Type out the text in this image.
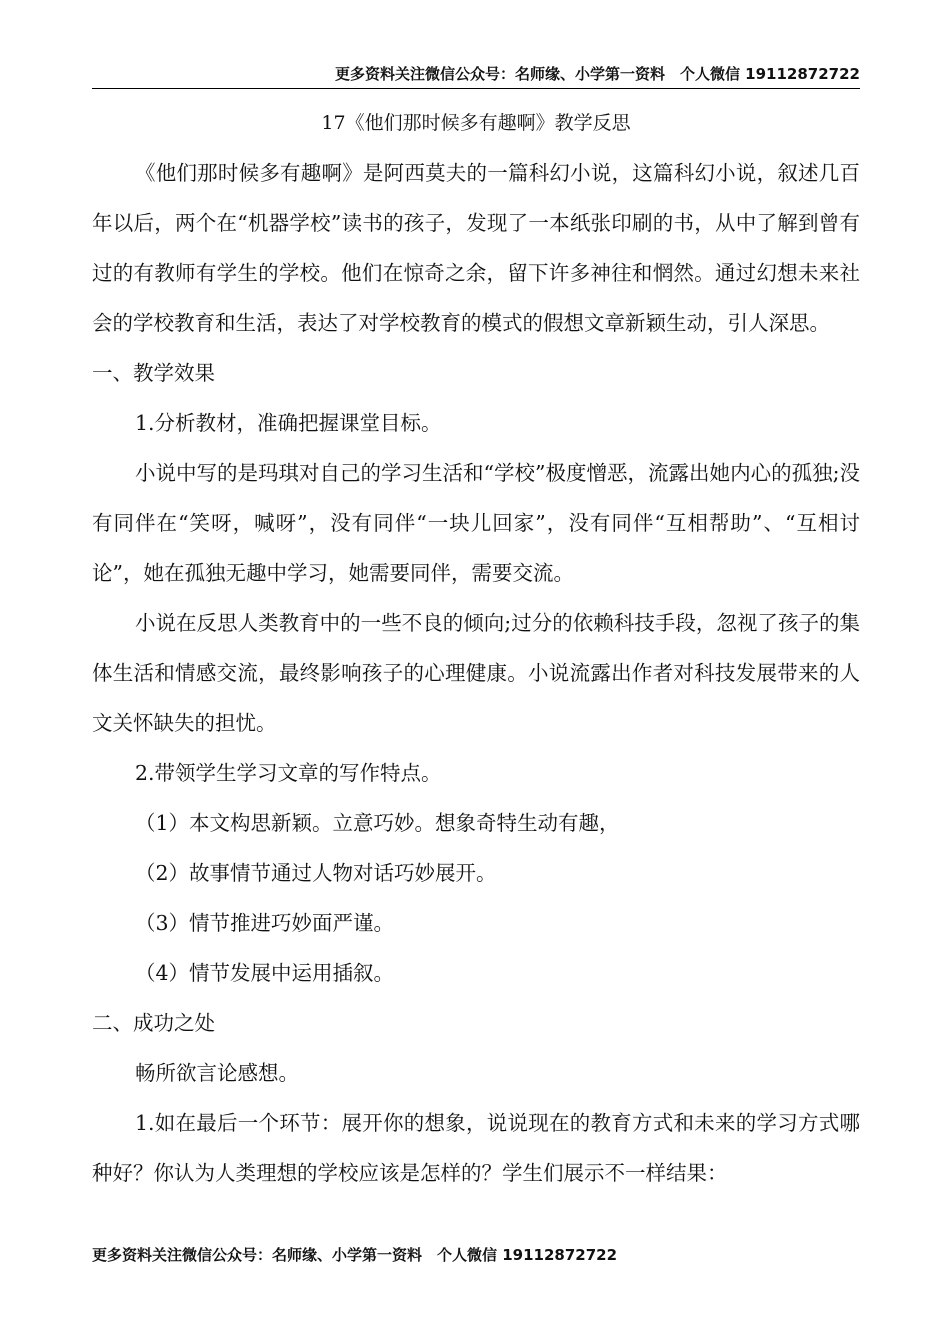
更多资料关注微信公众号：名师缘、小学第一资料　个人微信 19112872722
17《他们那时候多有趣啊》教学反思

《他们那时候多有趣啊》是阿西莫夫的一篇科幻小说，这篇科幻小说，叙述几百年以后，两个在“机器学校”读书的孩子，发现了一本纸张印刷的书，从中了解到曾有过的有教师有学生的学校。他们在惊奇之余，留下许多神往和惘然。通过幻想未来社会的学校教育和生活，表达了对学校教育的模式的假想文章新颖生动，引人深思。

一、教学效果

1.分析教材，准确把握课堂目标。

小说中写的是玛琪对自己的学习生活和“学校”极度憎恶，流露出她内心的孤独;没有同伴在“笑呀，喊呀”，没有同伴“一块儿回家”，没有同伴“互相帮助”、“互相讨论”，她在孤独无趣中学习，她需要同伴，需要交流。

小说在反思人类教育中的一些不良的倾向;过分的依赖科技手段，忽视了孩子的集体生活和情感交流，最终影响孩子的心理健康。小说流露出作者对科技发展带来的人文关怀缺失的担忧。

2.带领学生学习文章的写作特点。

（1）本文构思新颖。立意巧妙。想象奇特生动有趣，

（2）故事情节通过人物对话巧妙展开。

（3）情节推进巧妙面严谨。

（4）情节发展中运用插叙。

二、成功之处

畅所欲言论感想。

1.如在最后一个环节：展开你的想象，说说现在的教育方式和未来的学习方式哪种好？你认为人类理想的学校应该是怎样的？学生们展示不一样结果：

更多资料关注微信公众号：名师缘、小学第一资料　个人微信 19112872722
